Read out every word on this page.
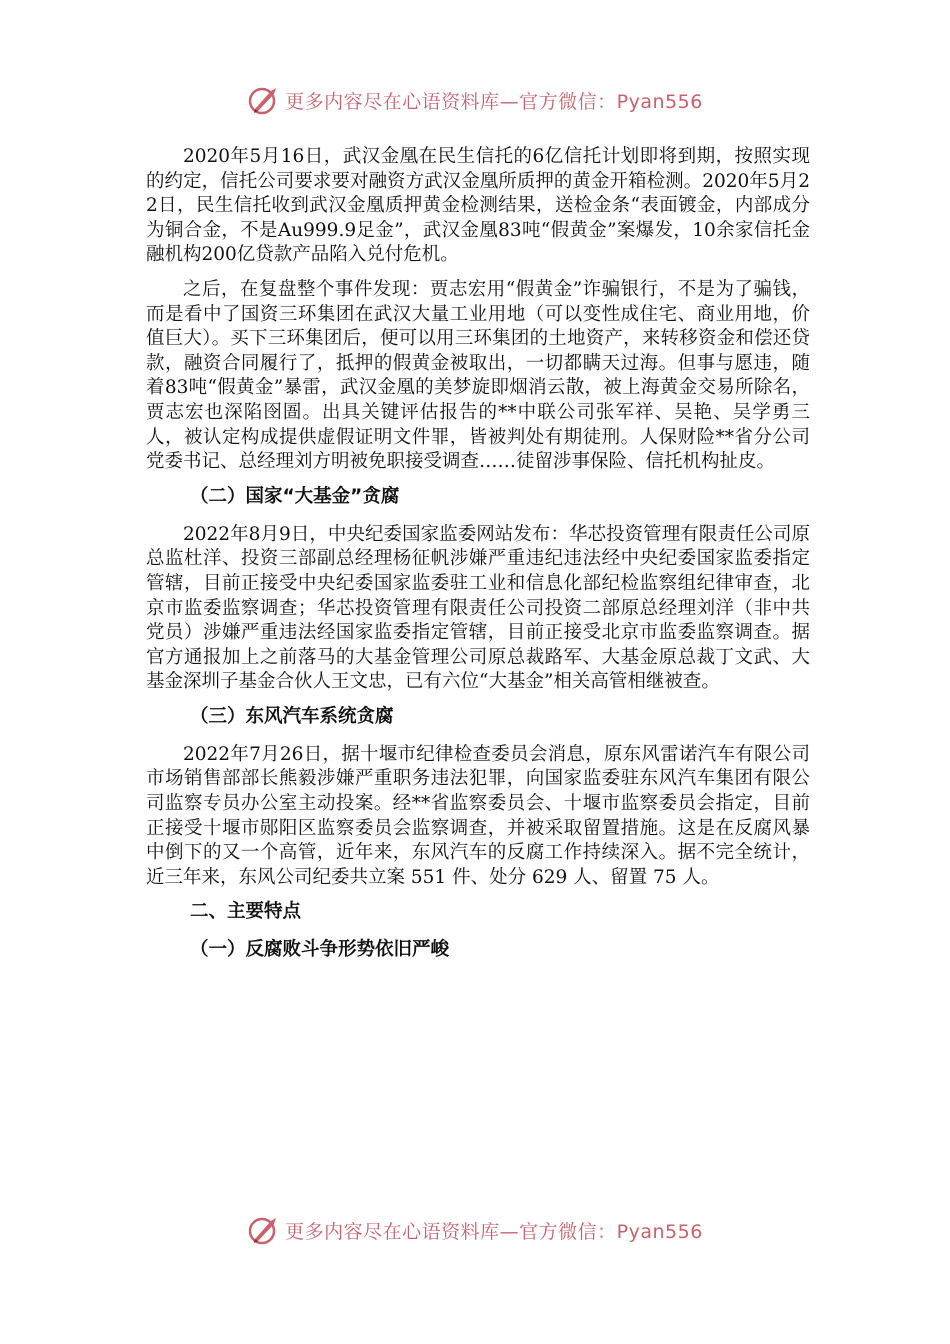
更多内容尽在心语资料库—官方微信：Pyan556

2020年5月16日，武汉金凰在民生信托的6亿信托计划即将到期，按照实现的约定，信托公司要求要对融资方武汉金凰所质押的黄金开箱检测。2020年5月22日，民生信托收到武汉金凰质押黄金检测结果，送检金条“表面镀金，内部成分为铜合金，不是Au999.9足金”，武汉金凰83吨“假黄金”案爆发，10余家信托金融机构200亿贷款产品陷入兑付危机。

之后，在复盘整个事件发现：贾志宏用“假黄金”诈骗银行，不是为了骗钱，而是看中了国资三环集团在武汉大量工业用地（可以变性成住宅、商业用地，价值巨大）。买下三环集团后，便可以用三环集团的土地资产，来转移资金和偿还贷款，融资合同履行了，抵押的假黄金被取出，一切都瞒天过海。但事与愿违，随着83吨“假黄金”暴雷，武汉金凰的美梦旋即烟消云散，被上海黄金交易所除名，贾志宏也深陷囹圄。出具关键评估报告的**中联公司张军祥、吴艳、吴学勇三人，被认定构成提供虚假证明文件罪，皆被判处有期徒刑。人保财险**省分公司党委书记、总经理刘方明被免职接受调查……徒留涉事保险、信托机构扯皮。

（二）国家“大基金”贪腐

2022年8月9日，中央纪委国家监委网站发布：华芯投资管理有限责任公司原总监杜洋、投资三部副总经理杨征帆涉嫌严重违纪违法经中央纪委国家监委指定管辖，目前正接受中央纪委国家监委驻工业和信息化部纪检监察组纪律审查，北京市监委监察调查；华芯投资管理有限责任公司投资二部原总经理刘洋（非中共党员）涉嫌严重违法经国家监委指定管辖，目前正接受北京市监委监察调查。据官方通报加上之前落马的大基金管理公司原总裁路军、大基金原总裁丁文武、大基金深圳子基金合伙人王文忠，已有六位“大基金”相关高管相继被查。

（三）东风汽车系统贪腐

2022年7月26日，据十堰市纪律检查委员会消息，原东风雷诺汽车有限公司市场销售部部长熊毅涉嫌严重职务违法犯罪，向国家监委驻东风汽车集团有限公司监察专员办公室主动投案。经**省监察委员会、十堰市监察委员会指定，目前正接受十堰市郧阳区监察委员会监察调查，并被采取留置措施。这是在反腐风暴中倒下的又一个高管，近年来，东风汽车的反腐工作持续深入。据不完全统计，近三年来，东风公司纪委共立案 551 件、处分 629 人、留置 75 人。

二、主要特点
（一）反腐败斗争形势依旧严峻
更多内容尽在心语资料库—官方微信：Pyan556
